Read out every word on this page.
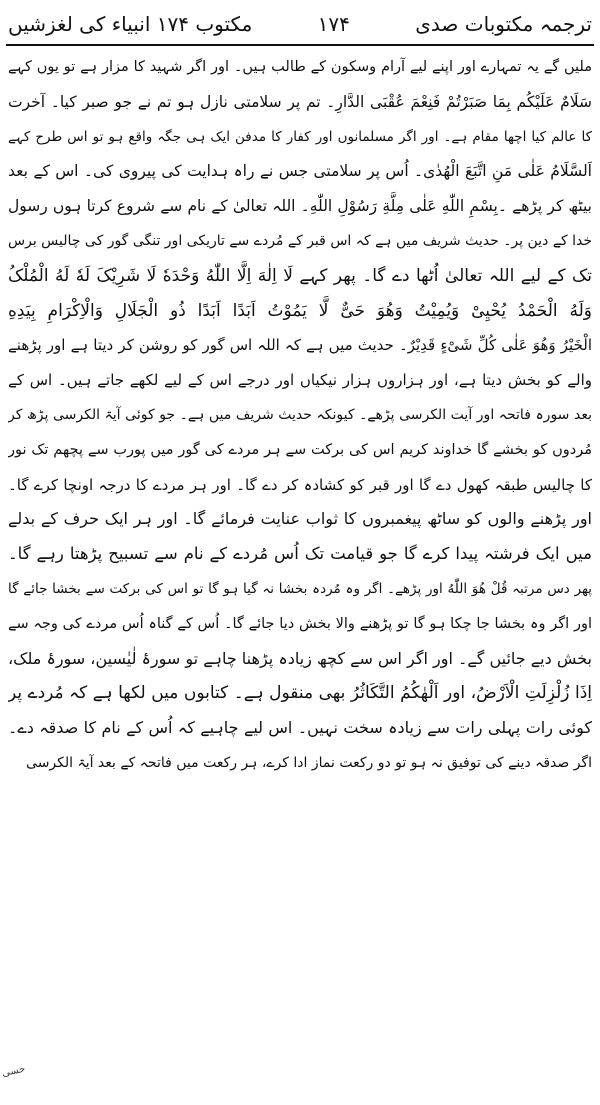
ترجمہ مکتوبات صدی
۱۷۴
مکتوب ۱۷۴ انبیاء کی لغزشیں
ملیں گے یہ تمہارے اور اپنے لیے آرام وسکون کے طالب ہیں۔ اور اگر شہید کا مزار ہے تو یوں کہے
سَلَامٌ عَلَیْکُم بِمَا صَبَرْتُمْ فَنِعْمَ عُقْبَی الدَّارِ۔ تم پر سلامتی نازل ہو تم نے جو صبر کیا۔ آخرت
کا عالم کیا اچھا مقام ہے۔ اور اگر مسلمانوں اور کفار کا مدفن ایک ہی جگہ واقع ہو تو اس طرح کہے
اَلسَّلَامُ عَلٰی مَنِ اتَّبَعَ الْهُدٰی۔ اُس پر سلامتی جس نے راہ ہدایت کی پیروی کی۔ اس کے بعد
بیٹھ کر پڑھے ۔بِسْمِ اللّٰهِ عَلٰی مِلَّةِ رَسُوْلِ اللّٰهِ۔ اللہ تعالیٰ کے نام سے شروع کرتا ہوں رسول
خدا کے دین پر۔ حدیث شریف میں ہے کہ اس قبر کے مُردے سے تاریکی اور تنگی گور کی چالیس برس
تک کے لیے اللہ تعالیٰ اُٹھا دے گا۔ پھر کہے لَا اِلٰهَ اِلَّا اللّٰهُ وَحْدَهٗ لَا شَرِیْکَ لَهٗ لَهُ الْمُلْکُ
وَلَهُ الْحَمْدُ یُحْیِیْ وَیُمِیْتُ وَهُوَ حَیٌّ لَّا یَمُوْتُ اَبَدًا اَبَدًا ذُو الْجَلَالِ وَالْاِکْرَامِ بِیَدِهِ
الْخَیْرُ وَهُوَ عَلٰی کُلِّ شَیْءٍ قَدِیْرٌ۔ حدیث میں ہے کہ اللہ اس گور کو روشن کر دیتا ہے اور پڑھنے
والے کو بخش دیتا ہے، اور ہزاروں ہزار نیکیاں اور درجے اس کے لیے لکھے جاتے ہیں۔ اس کے
بعد سورہ فاتحہ اور آیت الکرسی پڑھے۔ کیونکہ حدیث شریف میں ہے۔ جو کوئی آیۃ الکرسی پڑھ کر
مُردوں کو بخشے گا خداوند کریم اس کی برکت سے ہر مردے کی گور میں پورب سے پچھم تک نور
کا چالیس طبقہ کھول دے گا اور قبر کو کشادہ کر دے گا۔ اور ہر مردے کا درجہ اونچا کرے گا۔
اور پڑھنے والوں کو ساٹھ پیغمبروں کا ثواب عنایت فرمائے گا۔ اور ہر ایک حرف کے بدلے
میں ایک فرشتہ پیدا کرے گا جو قیامت تک اُس مُردے کے نام سے تسبیح پڑھتا رہے گا۔
پھر دس مرتبہ قُلْ هُوَ اللّٰهُ اور پڑھے۔ اگر وہ مُردہ بخشا نہ گیا ہو گا تو اس کی برکت سے بخشا جائے گا
اور اگر وہ بخشا جا چکا ہو گا تو پڑھنے والا بخش دیا جائے گا۔ اُس کے گناہ اُس مردے کی وجہ سے
بخش دیے جائیں گے۔ اور اگر اس سے کچھ زیادہ پڑھنا چاہے تو سورۂ لٰیٰسین، سورۂ ملک،
اِذَا زُلْزِلَتِ الْاَرْضُ، اور اَلْهٰکُمُ التَّکَاثُرُ بھی منقول ہے۔ کتابوں میں لکھا ہے کہ مُردے پر
کوئی رات پہلی رات سے زیادہ سخت نہیں۔ اس لیے چاہیے کہ اُس کے نام کا صدقہ دے۔
اگر صدقہ دینے کی توفیق نہ ہو تو دو رکعت نماز ادا کرے، ہر رکعت میں فاتحہ کے بعد آیۃ الکرسی
حسی
